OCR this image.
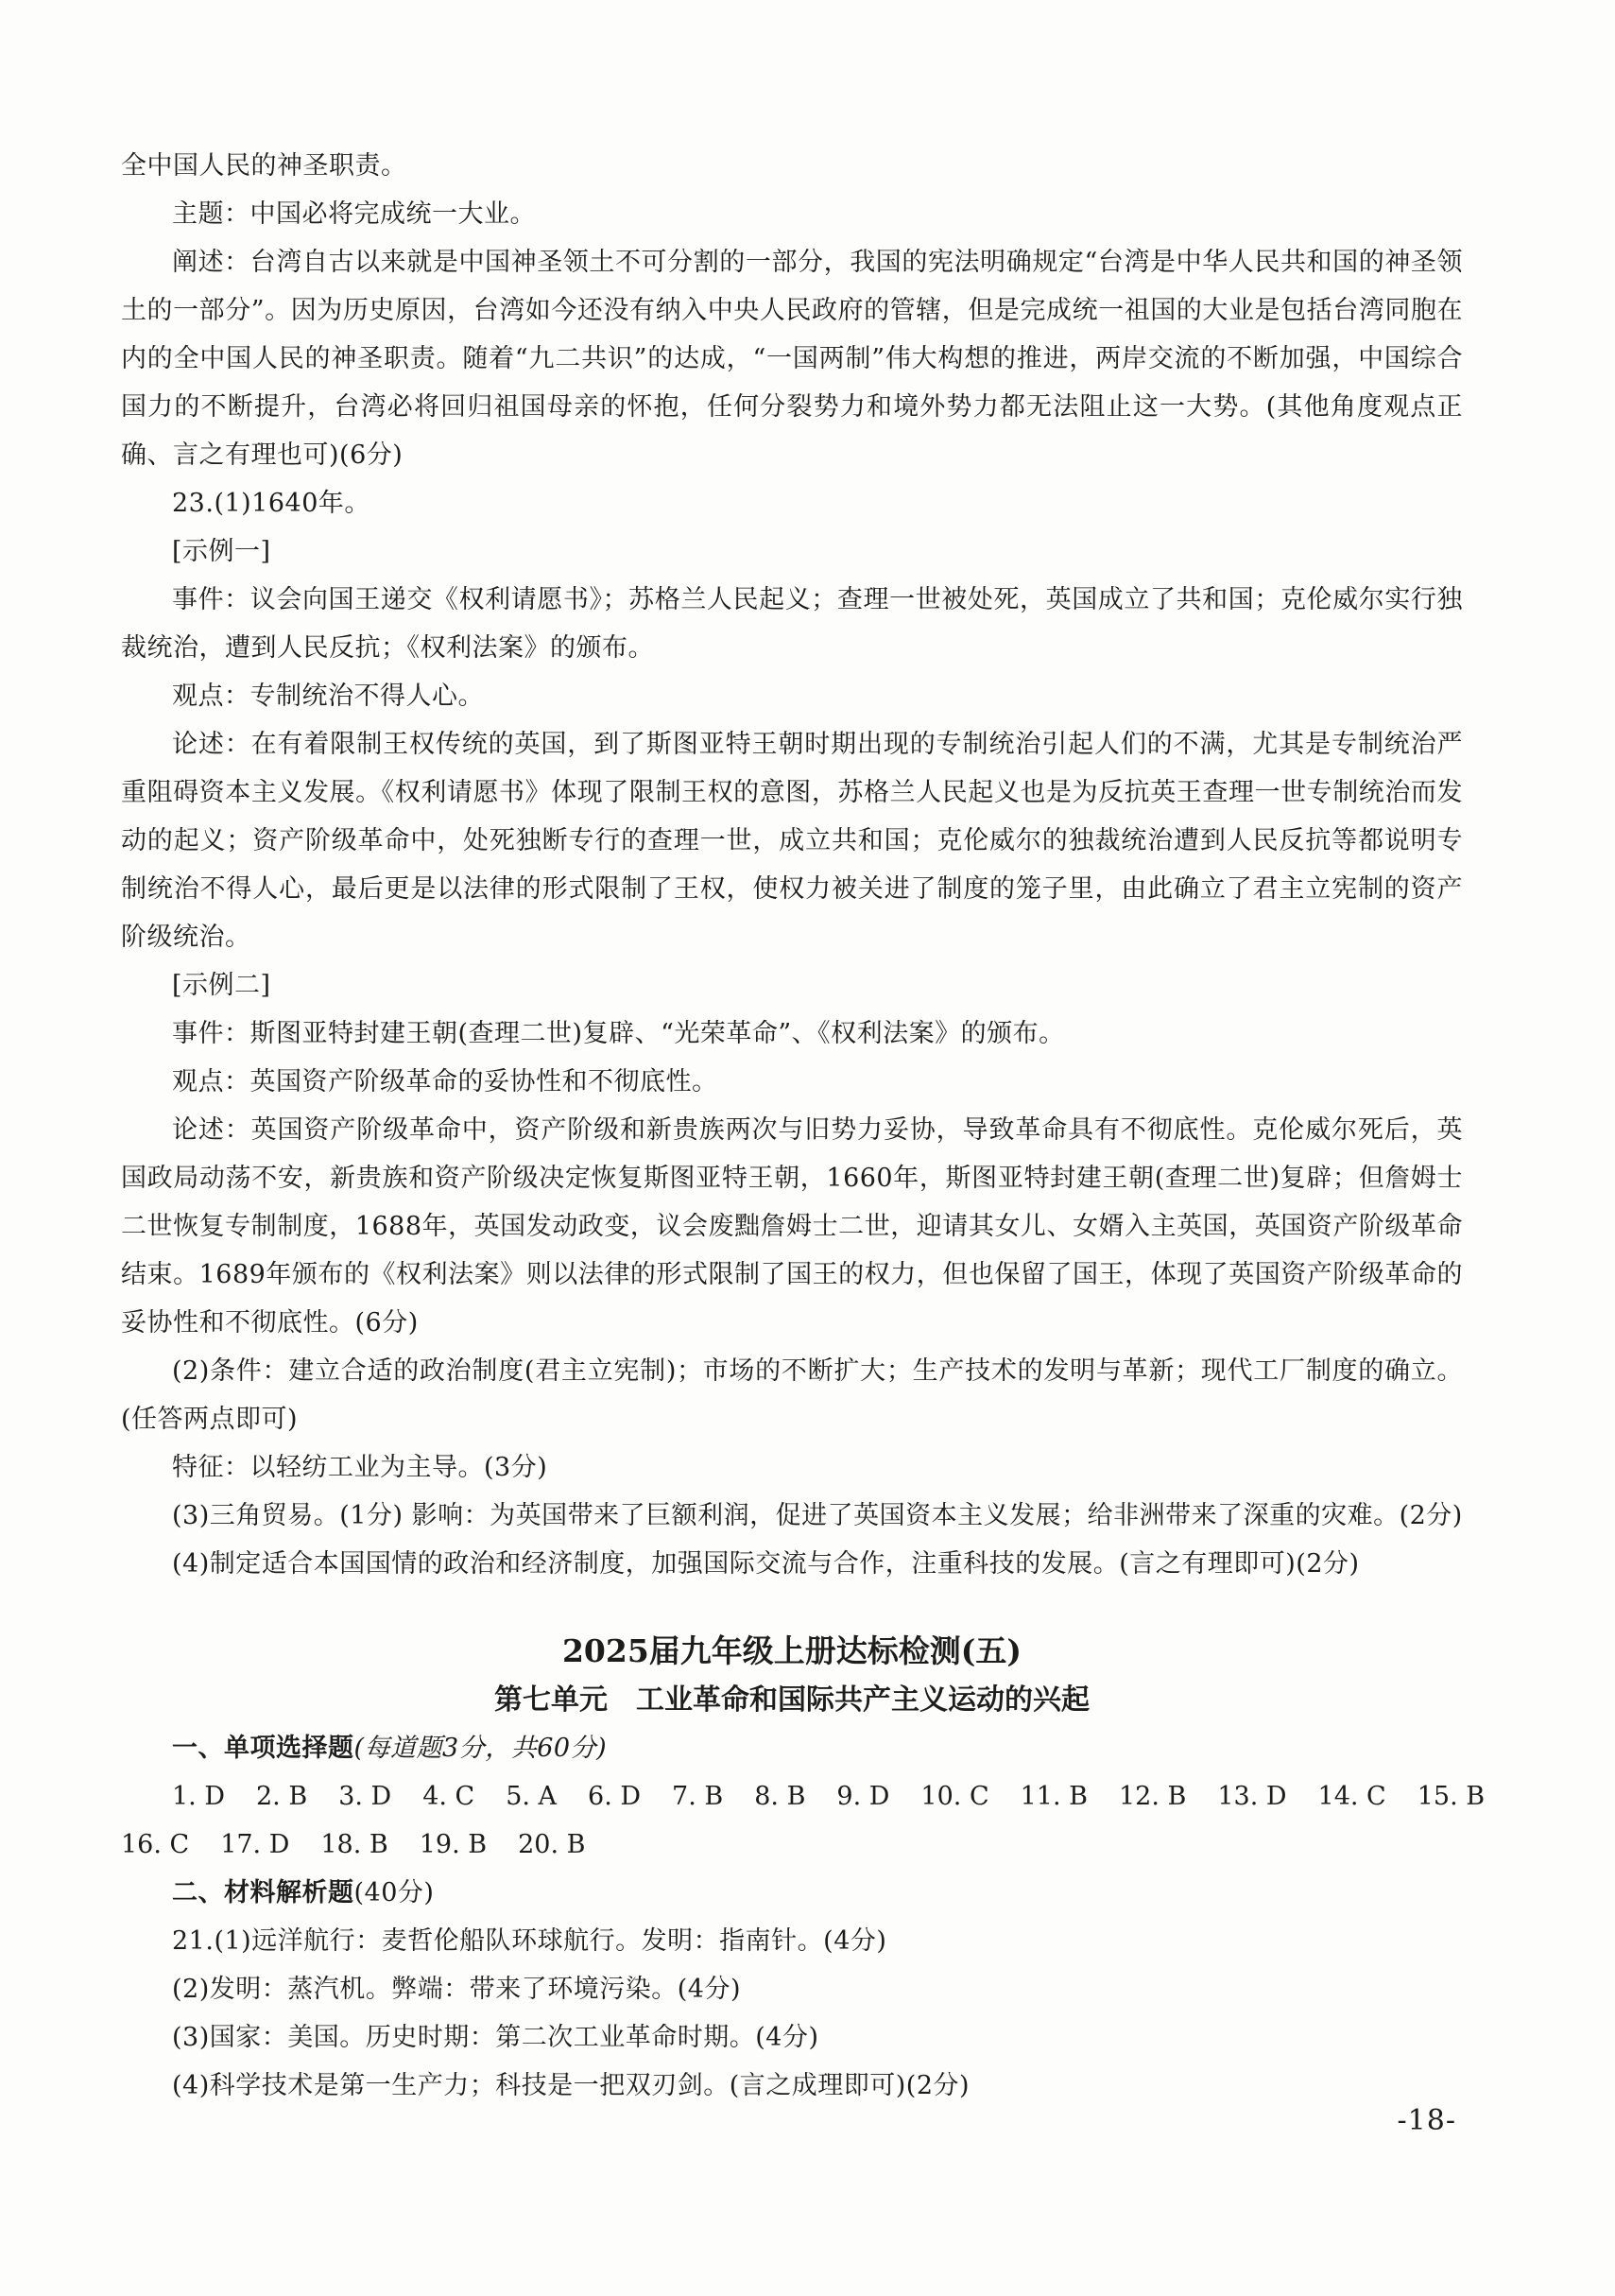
全中国人民的神圣职责。

主题：中国必将完成统一大业。

阐述：台湾自古以来就是中国神圣领土不可分割的一部分，我国的宪法明确规定“台湾是中华人民共和国的神圣领土的一部分”。因为历史原因，台湾如今还没有纳入中央人民政府的管辖，但是完成统一祖国的大业是包括台湾同胞在内的全中国人民的神圣职责。随着“九二共识”的达成，“一国两制”伟大构想的推进，两岸交流的不断加强，中国综合国力的不断提升，台湾必将回归祖国母亲的怀抱，任何分裂势力和境外势力都无法阻止这一大势。(其他角度观点正确、言之有理也可)(6分)

23.(1)1640年。

[示例一]

事件：议会向国王递交《权利请愿书》；苏格兰人民起义；查理一世被处死，英国成立了共和国；克伦威尔实行独裁统治，遭到人民反抗；《权利法案》的颁布。

观点：专制统治不得人心。

论述：在有着限制王权传统的英国，到了斯图亚特王朝时期出现的专制统治引起人们的不满，尤其是专制统治严重阻碍资本主义发展。《权利请愿书》体现了限制王权的意图，苏格兰人民起义也是为反抗英王查理一世专制统治而发动的起义；资产阶级革命中，处死独断专行的查理一世，成立共和国；克伦威尔的独裁统治遭到人民反抗等都说明专制统治不得人心，最后更是以法律的形式限制了王权，使权力被关进了制度的笼子里，由此确立了君主立宪制的资产阶级统治。

[示例二]

事件：斯图亚特封建王朝(查理二世)复辟、“光荣革命”、《权利法案》的颁布。

观点：英国资产阶级革命的妥协性和不彻底性。

论述：英国资产阶级革命中，资产阶级和新贵族两次与旧势力妥协，导致革命具有不彻底性。克伦威尔死后，英国政局动荡不安，新贵族和资产阶级决定恢复斯图亚特王朝，1660年，斯图亚特封建王朝(查理二世)复辟；但詹姆士二世恢复专制制度，1688年，英国发动政变，议会废黜詹姆士二世，迎请其女儿、女婿入主英国，英国资产阶级革命结束。1689年颁布的《权利法案》则以法律的形式限制了国王的权力，但也保留了国王，体现了英国资产阶级革命的妥协性和不彻底性。(6分)

(2)条件：建立合适的政治制度(君主立宪制)；市场的不断扩大；生产技术的发明与革新；现代工厂制度的确立。(任答两点即可)

特征：以轻纺工业为主导。(3分)

(3)三角贸易。(1分) 影响：为英国带来了巨额利润，促进了英国资本主义发展；给非洲带来了深重的灾难。(2分)

(4)制定适合本国国情的政治和经济制度，加强国际交流与合作，注重科技的发展。(言之有理即可)(2分)

2025届九年级上册达标检测(五)
第七单元　工业革命和国际共产主义运动的兴起

一、单项选择题(每道题3分，共60分)

1. D 2. B 3. D 4. C 5. A 6. D 7. B 8. B 9. D 10. C 11. B 12. B 13. D 14. C 15. B
16. C 17. D 18. B 19. B 20. B

二、材料解析题(40分)

21.(1)远洋航行：麦哲伦船队环球航行。发明：指南针。(4分)

(2)发明：蒸汽机。弊端：带来了环境污染。(4分)

(3)国家：美国。历史时期：第二次工业革命时期。(4分)

(4)科学技术是第一生产力；科技是一把双刃剑。(言之成理即可)(2分)

-18-
